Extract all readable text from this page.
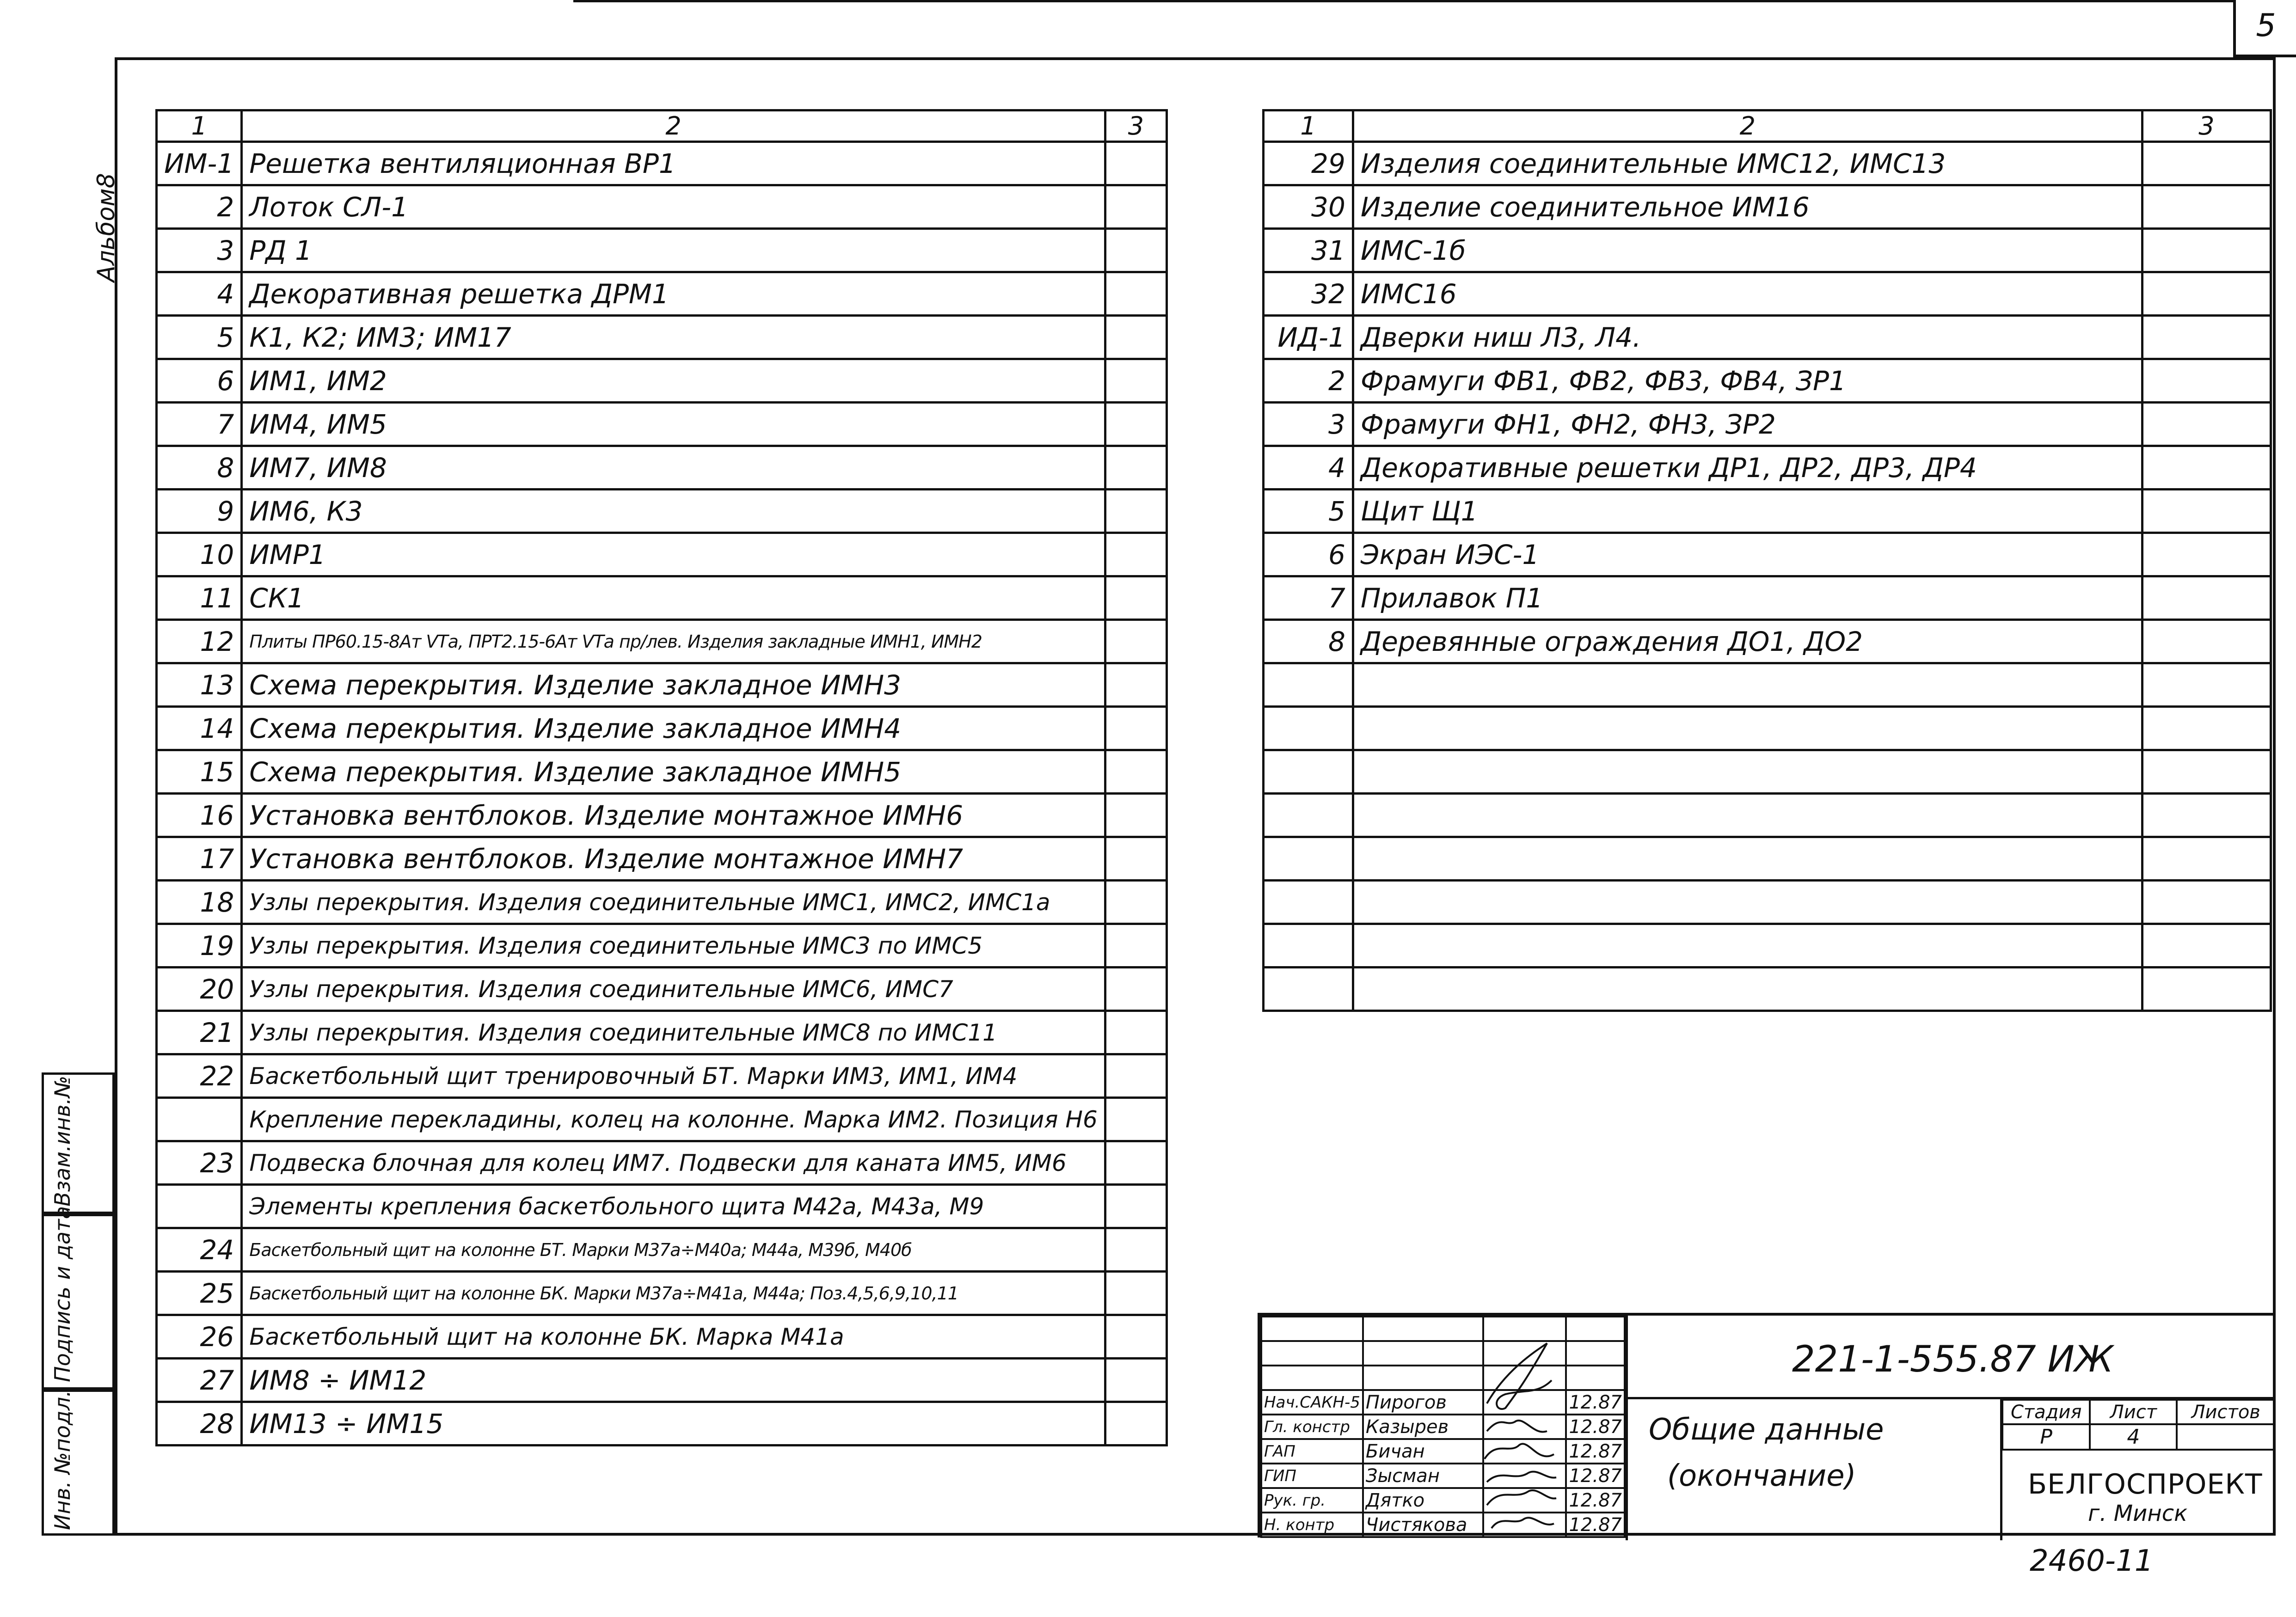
5
Альбом8
Взам.инв.№
Подпись и дата
Инв. №подл.
1	2	3
ИМ-1	Решетка вентиляционная ВР1	
2	Лоток СЛ-1	
3	РД 1	
4	Декоративная решетка ДРМ1	
5	К1, К2; ИМ3; ИМ17	
6	ИМ1, ИМ2	
7	ИМ4, ИМ5	
8	ИМ7, ИМ8	
9	ИМ6, К3	
10	ИМР1	
11	СК1	
12	Плиты ПР60.15-8Ат VТа, ПРТ2.15-6Ат VТа пр/лев. Изделия закладные ИМН1, ИМН2	
13	Схема перекрытия. Изделие закладное ИМН3	
14	Схема перекрытия. Изделие закладное ИМН4	
15	Схема перекрытия. Изделие закладное ИМН5	
16	Установка вентблоков. Изделие монтажное ИМН6	
17	Установка вентблоков. Изделие монтажное ИМН7	
18	Узлы перекрытия. Изделия соединительные ИМС1, ИМС2, ИМС1а	
19	Узлы перекрытия. Изделия соединительные ИМС3 по ИМС5	
20	Узлы перекрытия. Изделия соединительные ИМС6, ИМС7	
21	Узлы перекрытия. Изделия соединительные ИМС8 по ИМС11	
22	Баскетбольный щит тренировочный БТ. Марки ИМ3, ИМ1, ИМ4	
	Крепление перекладины, колец на колонне. Марка ИМ2. Позиция Н6	
23	Подвеска блочная для колец ИМ7. Подвески для каната ИМ5, ИМ6	
	Элементы крепления баскетбольного щита М42а, М43а, М9	
24	Баскетбольный щит на колонне БТ. Марки М37а÷М40а; М44а, М39б, М40б	
25	Баскетбольный щит на колонне БК. Марки М37а÷М41а, М44а; Поз.4,5,6,9,10,11	
26	Баскетбольный щит на колонне БК. Марка М41а	
27	ИМ8 ÷ ИМ12	
28	ИМ13 ÷ ИМ15	
1	2	3
29	Изделия соединительные ИМС12, ИМС13	
30	Изделие соединительное ИМ16	
31	ИМС-1б	
32	ИМС16	
ИД-1	Дверки ниш Л3, Л4.	
2	Фрамуги ФВ1, ФВ2, ФВ3, ФВ4, ЗР1	
3	Фрамуги ФН1, ФН2, ФН3, ЗР2	
4	Декоративные решетки ДР1, ДР2, ДР3, ДР4	
5	Щит Щ1	
6	Экран ИЭС-1	
7	Прилавок П1	
8	Деревянные ограждения ДО1, ДО2	

Нач.САКН-5	Пирогов		12.87
Гл. констр	Казырев		12.87
ГАП	Бичан		12.87
ГИП	Зысман		12.87
Рук. гр.	Дятко		12.87
Н. контр	Чистякова		12.87
221-1-555.87 ИЖ
Общие данные
(окончание)
Стадия	Лист	Листов
Р	4	
БЕЛГОСПРОЕКТ
г. Минск
2460-11
